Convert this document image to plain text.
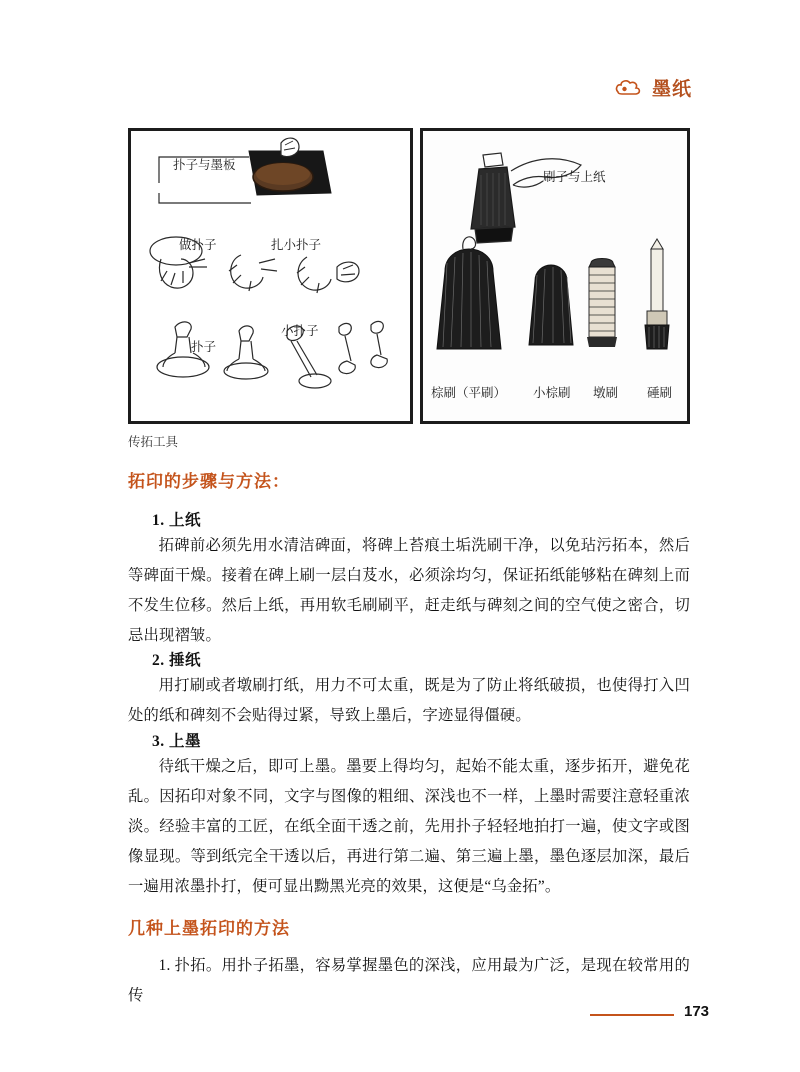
墨纸
扑子与墨板
做扑子	扎小扑子
扑子
小扑子
刷子与上纸
棕刷（平刷） 小棕刷 墩刷 硾刷
传拓工具
拓印的步骤与方法：
1. 上纸
拓碑前必须先用水清洁碑面，将碑上苔痕土垢洗刷干净，以免玷污拓本，然后等碑面干燥。接着在碑上刷一层白芨水，必须涂均匀，保证拓纸能够粘在碑刻上而不发生位移。然后上纸，再用软毛刷刷平，赶走纸与碑刻之间的空气使之密合，切忌出现褶皱。
2. 捶纸
用打刷或者墩刷打纸，用力不可太重，既是为了防止将纸破损，也使得打入凹处的纸和碑刻不会贴得过紧，导致上墨后，字迹显得僵硬。
3. 上墨
待纸干燥之后，即可上墨。墨要上得均匀，起始不能太重，逐步拓开，避免花乱。因拓印对象不同，文字与图像的粗细、深浅也不一样，上墨时需要注意轻重浓淡。经验丰富的工匠，在纸全面干透之前，先用扑子轻轻地拍打一遍，使文字或图像显现。等到纸完全干透以后，再进行第二遍、第三遍上墨，墨色逐层加深，最后一遍用浓墨扑打，便可显出黝黑光亮的效果，这便是“乌金拓”。
几种上墨拓印的方法
1. 扑拓。用扑子拓墨，容易掌握墨色的深浅，应用最为广泛，是现在较常用的传
173
